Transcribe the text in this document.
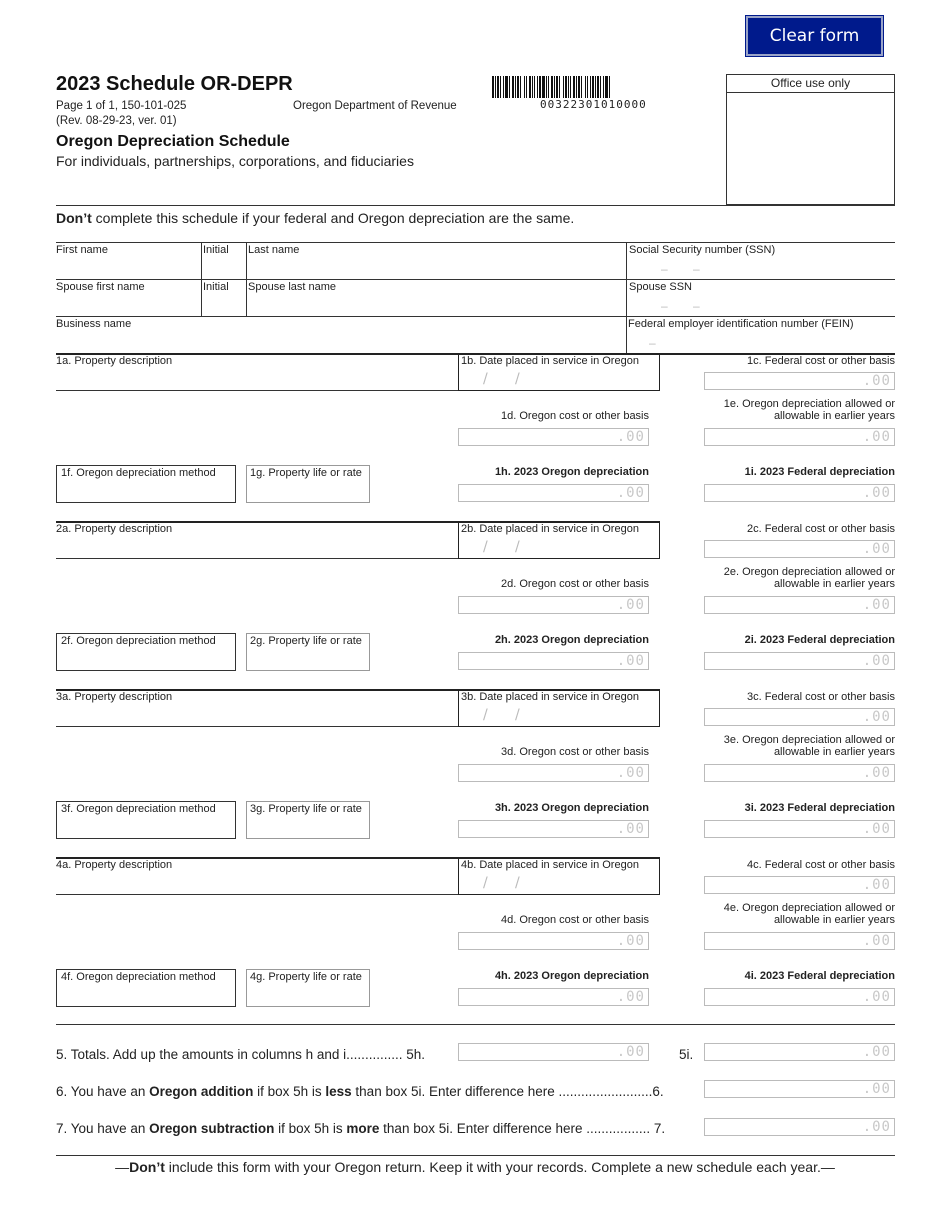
Clear form
2023 Schedule OR-DEPR
Page 1 of 1, 150-101-025
(Rev. 08-29-23, ver. 01)
Oregon Department of Revenue
Oregon Depreciation Schedule
For individuals, partnerships, corporations, and fiduciaries
00322301010000
Office use only
Don’t complete this schedule if your federal and Oregon depreciation are the same.
First name	Initial Last name	Social Security number (SSN)
– –
Spouse first name	Initial Spouse last name	Spouse SSN
– –
Business name	Federal employer identification number (FEIN)
–
1a. Property description	1b. Date placed in service in Oregon
/ /
1c. Federal cost or other basis
.00
1d. Oregon cost or other basis
.00
1e. Oregon depreciation allowed or
allowable in earlier years
.00
1f. Oregon depreciation method	1g. Property life or rate	1h. 2023 Oregon depreciation
.00
1i. 2023 Federal depreciation
.00
2a. Property description	2b. Date placed in service in Oregon
/ /
2c. Federal cost or other basis
.00
2d. Oregon cost or other basis
.00
2e. Oregon depreciation allowed or
allowable in earlier years
.00
2f. Oregon depreciation method	2g. Property life or rate	2h. 2023 Oregon depreciation
.00
2i. 2023 Federal depreciation
.00
3a. Property description	3b. Date placed in service in Oregon
/ /
3c. Federal cost or other basis
.00
3d. Oregon cost or other basis
.00
3e. Oregon depreciation allowed or
allowable in earlier years
.00
3f. Oregon depreciation method	3g. Property life or rate	3h. 2023 Oregon depreciation
.00
3i. 2023 Federal depreciation
.00
4a. Property description	4b. Date placed in service in Oregon
/ /
4c. Federal cost or other basis
.00
4d. Oregon cost or other basis
.00
4e. Oregon depreciation allowed or
allowable in earlier years
.00
4f. Oregon depreciation method	4g. Property life or rate	4h. 2023 Oregon depreciation
.00
4i. 2023 Federal depreciation
.00
5. Totals. Add up the amounts in columns h and i............... 5h.	.00	5i.	.00
6. You have an Oregon addition if box 5h is less than box 5i. Enter difference here .........................6.	.00
7. You have an Oregon subtraction if box 5h is more than box 5i. Enter difference here ................. 7.	.00
—Don’t include this form with your Oregon return. Keep it with your records. Complete a new schedule each year.—
